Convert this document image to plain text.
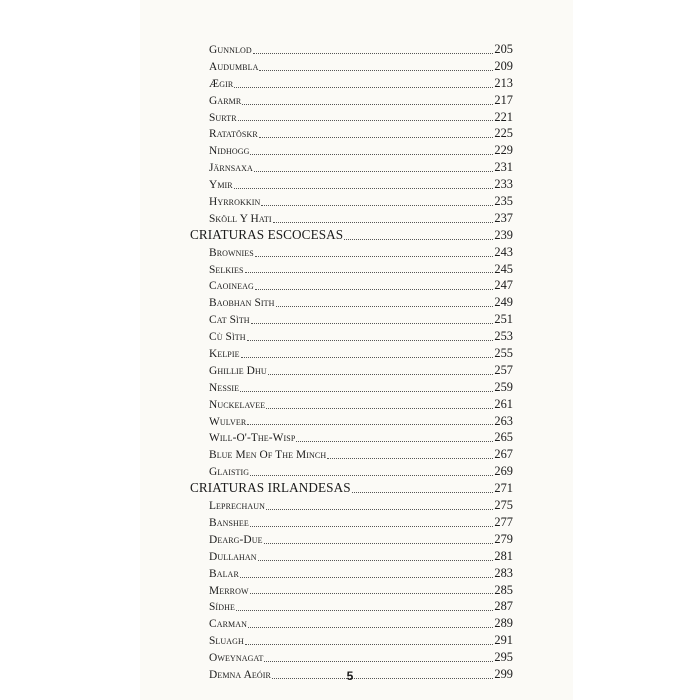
Gunnlod	205
Audumbla	209
Ægir	213
Garmr	217
Surtr	221
Ratatöskr	225
Nidhogg	229
Järnsaxa	231
Ymir	233
Hyrrokkin	235
Sköll Y Hati	237
CRIATURAS ESCOCESAS	239
Brownies	243
Selkies	245
Caoineag	247
Baobhan Sith	249
Cat Sìth	251
Cù Sìth	253
Kelpie	255
Ghillie Dhu	257
Nessie	259
Nuckelavee	261
Wulver	263
Will-O'-The-Wisp	265
Blue Men Of The Minch	267
Glaistig	269
CRIATURAS IRLANDESAS	271
Leprechaun	275
Banshee	277
Dearg-Due	279
Dullahan	281
Balar	283
Merrow	285
Sídhe	287
Carman	289
Sluagh	291
Oweynagat	295
Demna Aeóir	299
5
